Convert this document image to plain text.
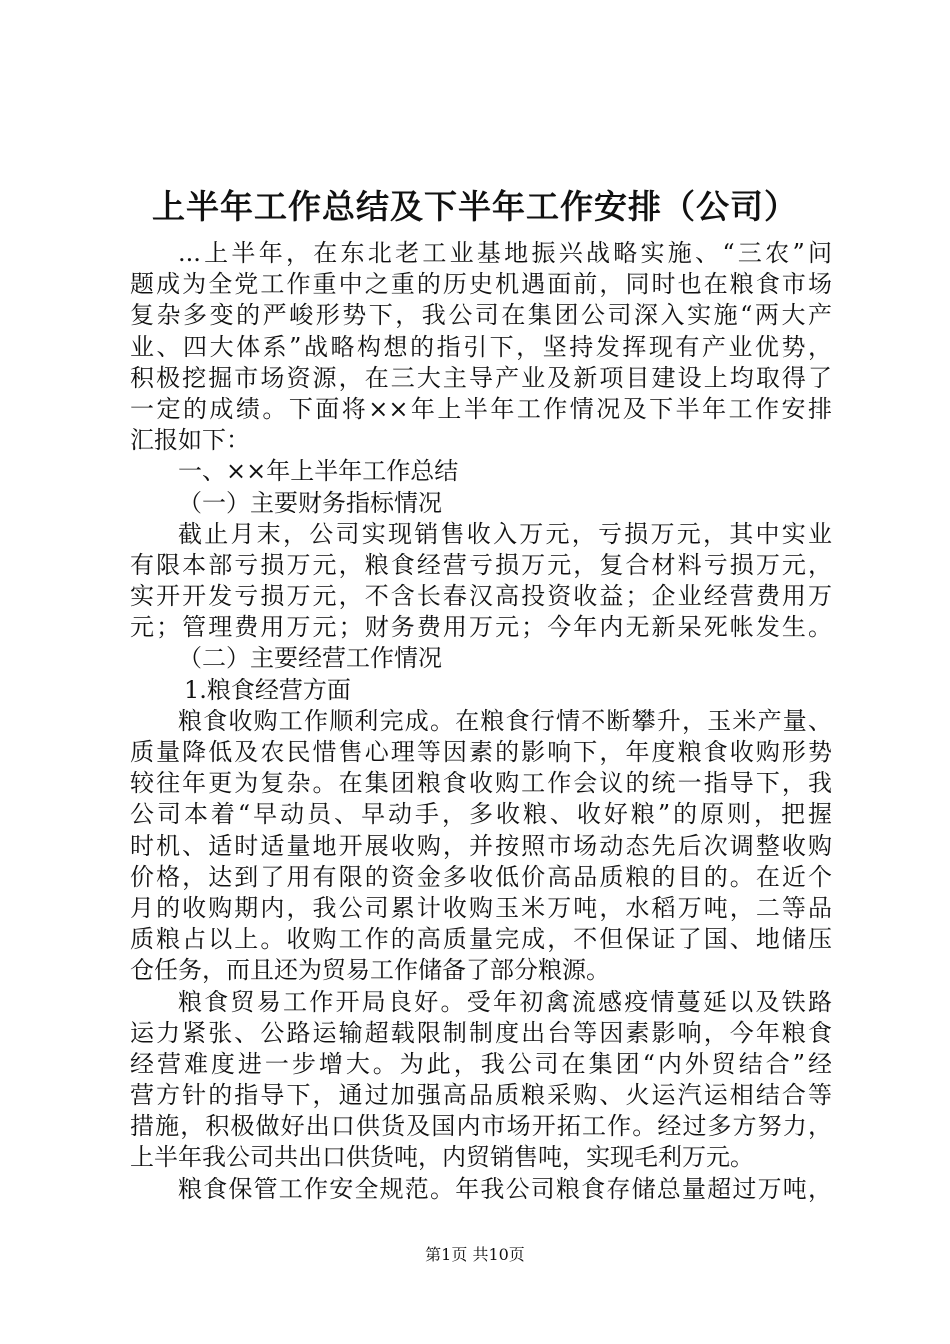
上半年工作总结及下半年工作安排（公司）
...上半年，在东北老工业基地振兴战略实施、“三农”问
题成为全党工作重中之重的历史机遇面前，同时也在粮食市场
复杂多变的严峻形势下，我公司在集团公司深入实施“两大产
业、四大体系”战略构想的指引下，坚持发挥现有产业优势，
积极挖掘市场资源，在三大主导产业及新项目建设上均取得了
一定的成绩。下面将××年上半年工作情况及下半年工作安排
汇报如下：
一、××年上半年工作总结
（一）主要财务指标情况
截止月末，公司实现销售收入万元，亏损万元，其中实业
有限本部亏损万元，粮食经营亏损万元，复合材料亏损万元，
实开开发亏损万元，不含长春汉高投资收益；企业经营费用万
元；管理费用万元；财务费用万元；今年内无新呆死帐发生。
（二）主要经营工作情况
1.粮食经营方面
粮食收购工作顺利完成。在粮食行情不断攀升，玉米产量、
质量降低及农民惜售心理等因素的影响下，年度粮食收购形势
较往年更为复杂。在集团粮食收购工作会议的统一指导下，我
公司本着“早动员、早动手，多收粮、收好粮”的原则，把握
时机、适时适量地开展收购，并按照市场动态先后次调整收购
价格，达到了用有限的资金多收低价高品质粮的目的。在近个
月的收购期内，我公司累计收购玉米万吨，水稻万吨，二等品
质粮占以上。收购工作的高质量完成，不但保证了国、地储压
仓任务，而且还为贸易工作储备了部分粮源。
粮食贸易工作开局良好。受年初禽流感疫情蔓延以及铁路
运力紧张、公路运输超载限制制度出台等因素影响，今年粮食
经营难度进一步增大。为此，我公司在集团“内外贸结合”经
营方针的指导下，通过加强高品质粮采购、火运汽运相结合等
措施，积极做好出口供货及国内市场开拓工作。经过多方努力，
上半年我公司共出口供货吨，内贸销售吨，实现毛利万元。
粮食保管工作安全规范。年我公司粮食存储总量超过万吨，
第1页 共10页
